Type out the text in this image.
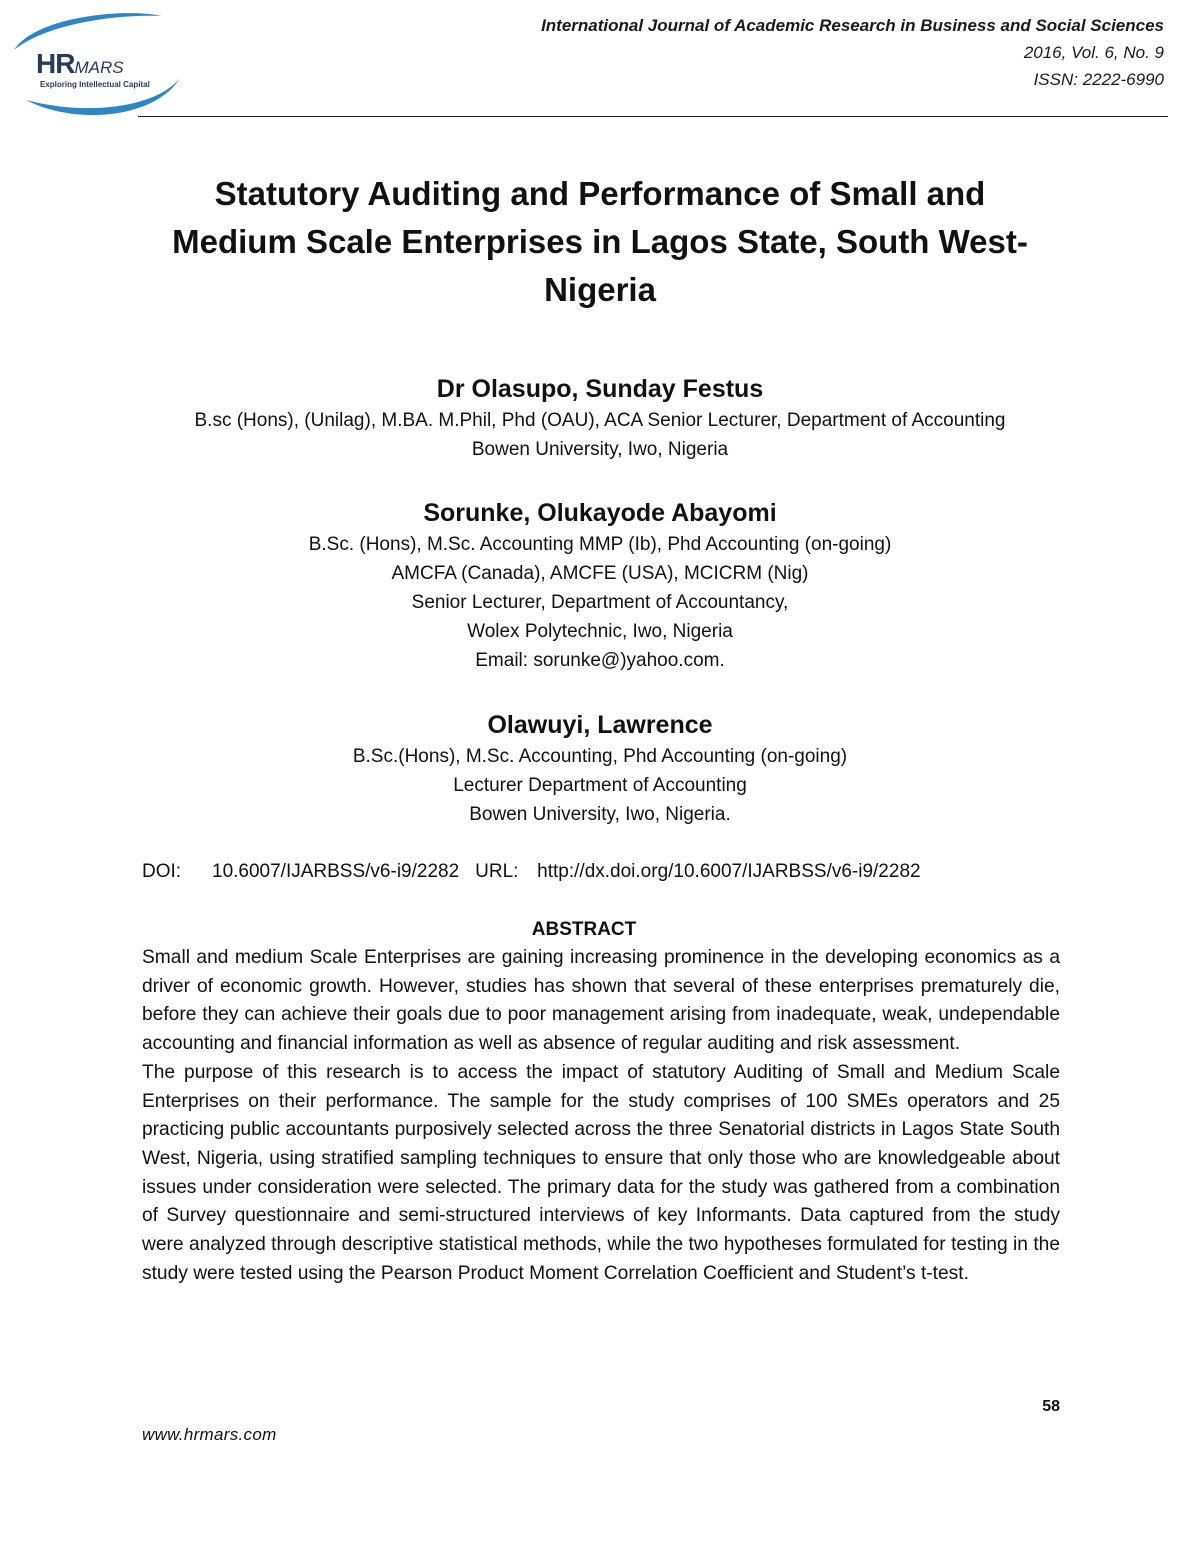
HRMARS
Exploring Intellectual Capital
International Journal of Academic Research in Business and Social Sciences
2016, Vol. 6, No. 9
ISSN: 2222-6990
Statutory Auditing and Performance of Small and
Medium Scale Enterprises in Lagos State, South West-
Nigeria
Dr Olasupo, Sunday Festus
B.sc (Hons), (Unilag), M.BA. M.Phil, Phd (OAU), ACA Senior Lecturer, Department of Accounting
Bowen University, Iwo, Nigeria
Sorunke, Olukayode Abayomi
B.Sc. (Hons), M.Sc. Accounting MMP (Ib), Phd Accounting (on-going)
AMCFA (Canada), AMCFE (USA), MCICRM (Nig)
Senior Lecturer, Department of Accountancy,
Wolex Polytechnic, Iwo, Nigeria
Email: sorunke@)yahoo.com.
Olawuyi, Lawrence
B.Sc.(Hons), M.Sc. Accounting, Phd Accounting (on-going)
Lecturer Department of Accounting
Bowen University, Iwo, Nigeria.
DOI: 10.6007/IJARBSS/v6-i9/2282 URL: http://dx.doi.org/10.6007/IJARBSS/v6-i9/2282
ABSTRACT

Small and medium Scale Enterprises are gaining increasing prominence in the developing economics as a driver of economic growth. However, studies has shown that several of these enterprises prematurely die, before they can achieve their goals due to poor management arising from inadequate, weak, undependable accounting and financial information as well as absence of regular auditing and risk assessment.

The purpose of this research is to access the impact of statutory Auditing of Small and Medium Scale Enterprises on their performance. The sample for the study comprises of 100 SMEs operators and 25 practicing public accountants purposively selected across the three Senatorial districts in Lagos State South West, Nigeria, using stratified sampling techniques to ensure that only those who are knowledgeable about issues under consideration were selected. The primary data for the study was gathered from a combination of Survey questionnaire and semi-structured interviews of key Informants. Data captured from the study were analyzed through descriptive statistical methods, while the two hypotheses formulated for testing in the study were tested using the Pearson Product Moment Correlation Coefficient and Student’s t-test.

58
www.hrmars.com
